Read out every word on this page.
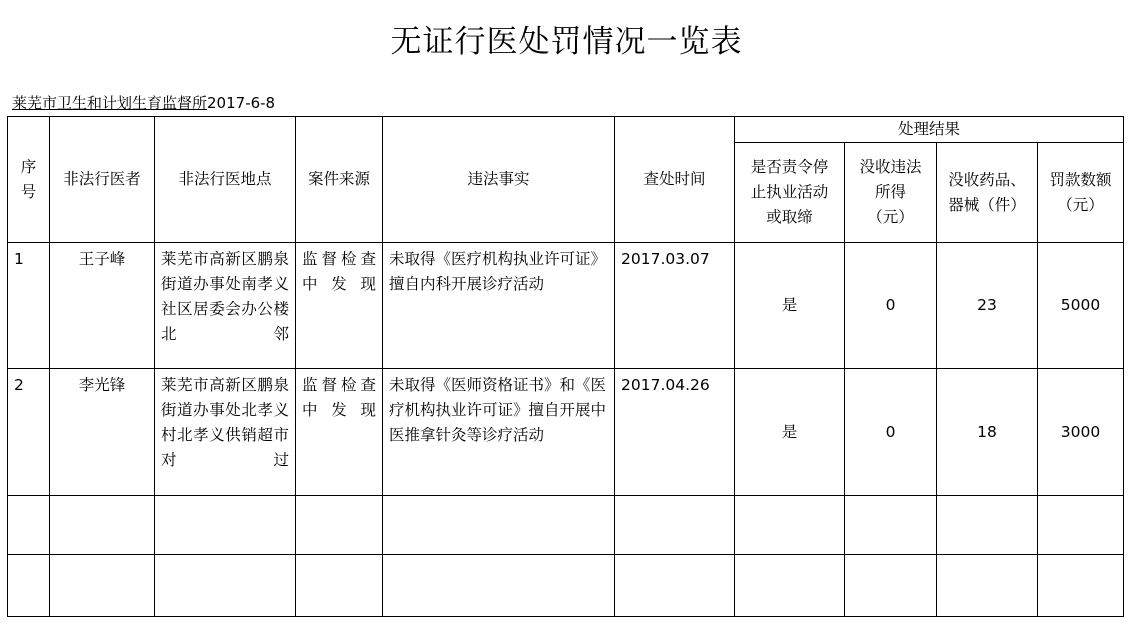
无证行医处罚情况一览表
莱芜市卫生和计划生育监督所2017-6-8
序号	非法行医者	非法行医地点	案件来源	违法事实	查处时间	处理结果			

						是否责令停止执业活动或取缔	没收违法所得（元）	没收药品、器械（件）	罚款数额（元）

1	王子峰	莱芜市高新区鹏泉街道办事处南孝义社区居委会办公楼北邻	监督检查中发现	未取得《医疗机构执业许可证》擅自内科开展诊疗活动	2017.03.07	是	0	23	5000
2	李光锋	莱芜市高新区鹏泉街道办事处北孝义村北孝义供销超市对过	监督检查中发现	未取得《医师资格证书》和《医疗机构执业许可证》擅自开展中医推拿针灸等诊疗活动	2017.04.26	是	0	18	3000
